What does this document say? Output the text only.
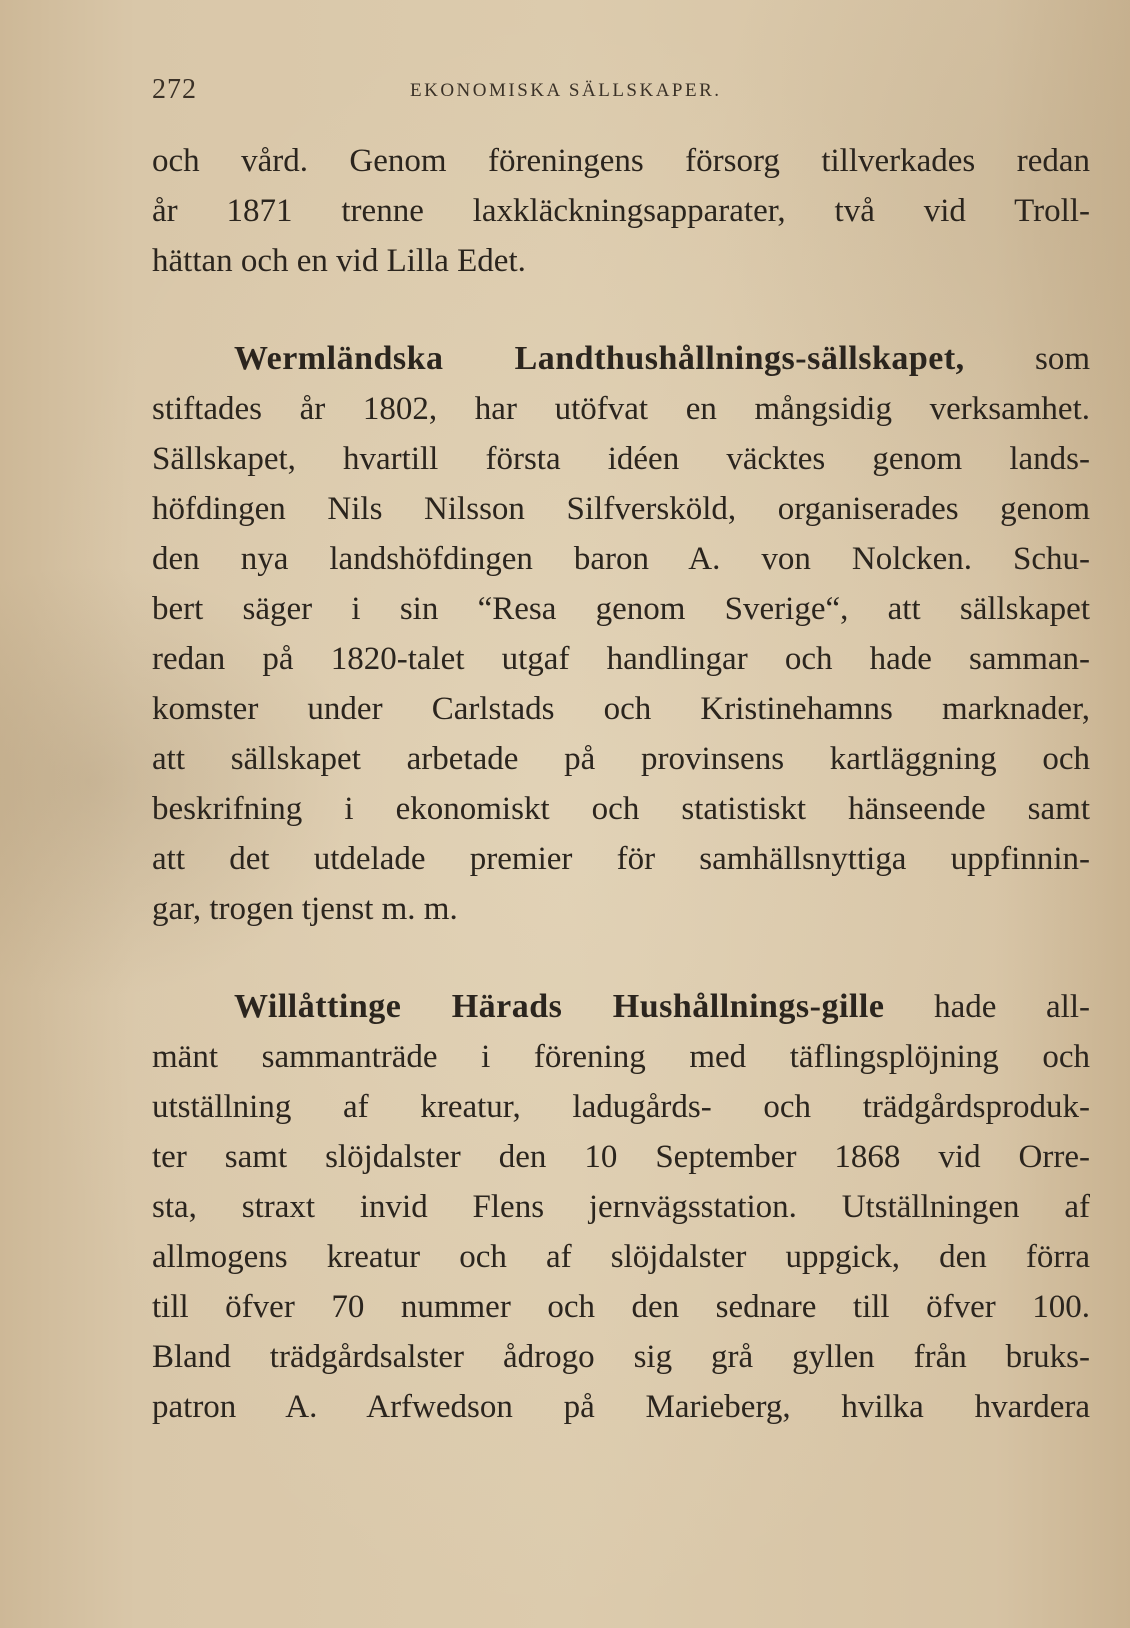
272	EKONOMISKA SÄLLSKAPER.
och vård. Genom föreningens försorg tillverkades redan
år 1871 trenne laxkläckningsapparater, två vid Troll-
hättan och en vid Lilla Edet.
Wermländska Landthushållnings-sällskapet, som
stiftades år 1802, har utöfvat en mångsidig verksamhet.
Sällskapet, hvartill första idéen väcktes genom lands-
höfdingen Nils Nilsson Silfversköld, organiserades genom
den nya landshöfdingen baron A. von Nolcken. Schu-
bert säger i sin “Resa genom Sverige“, att sällskapet
redan på 1820-talet utgaf handlingar och hade samman-
komster under Carlstads och Kristinehamns marknader,
att sällskapet arbetade på provinsens kartläggning och
beskrifning i ekonomiskt och statistiskt hänseende samt
att det utdelade premier för samhällsnyttiga uppfinnin-
gar, trogen tjenst m. m.
Willåttinge Härads Hushållnings-gille hade all-
mänt sammanträde i förening med täflingsplöjning och
utställning af kreatur, ladugårds- och trädgårdsproduk-
ter samt slöjdalster den 10 September 1868 vid Orre-
sta, straxt invid Flens jernvägsstation. Utställningen af
allmogens kreatur och af slöjdalster uppgick, den förra
till öfver 70 nummer och den sednare till öfver 100.
Bland trädgårdsalster ådrogo sig grå gyllen från bruks-
patron A. Arfwedson på Marieberg, hvilka hvardera
